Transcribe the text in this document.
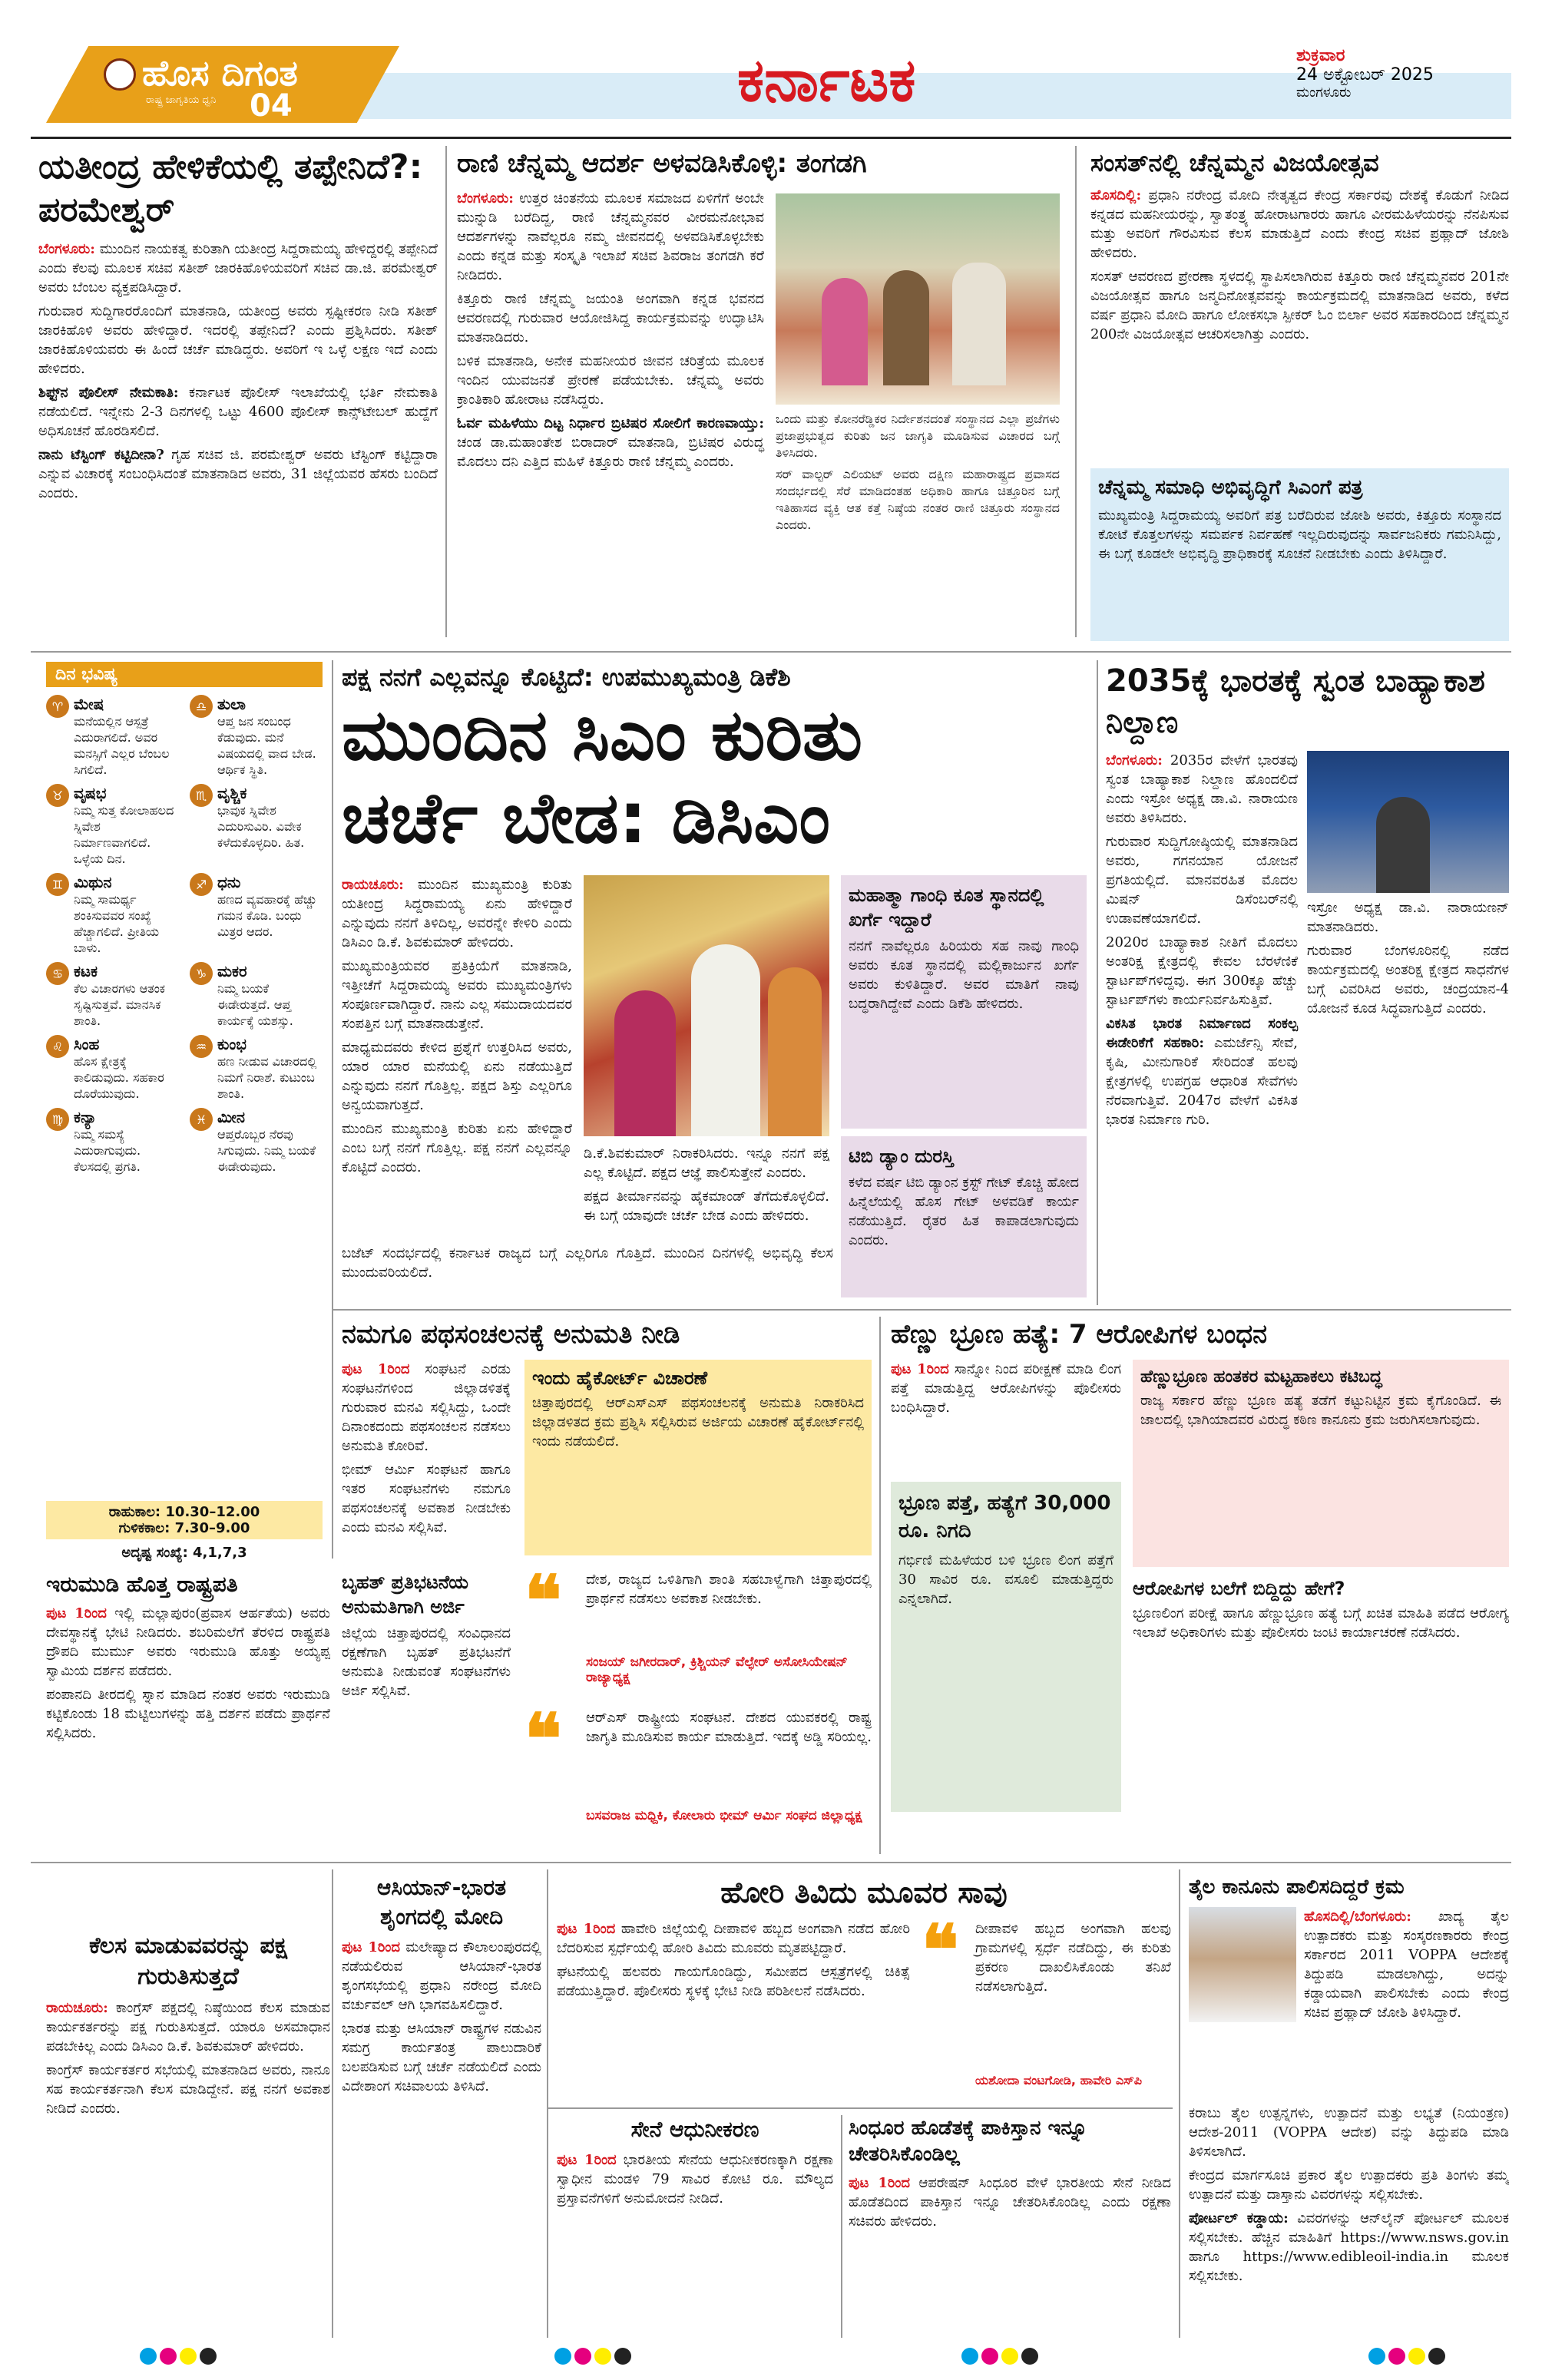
ಹೊಸ ದಿಗಂತ
ರಾಷ್ಟ್ರ ಜಾಗೃತಿಯ ಧ್ವನಿ 04	ಕರ್ನಾಟಕ	ಶುಕ್ರವಾರ
24 ಅಕ್ಟೋಬರ್ 2025
ಮಂಗಳೂರು
ಯತೀಂದ್ರ ಹೇಳಿಕೆಯಲ್ಲಿ ತಪ್ಪೇನಿದೆ?: ಪರಮೇಶ್ವರ್

ಬೆಂಗಳೂರು: ಮುಂದಿನ ನಾಯಕತ್ವ ಕುರಿತಾಗಿ ಯತೀಂದ್ರ ಸಿದ್ದರಾಮಯ್ಯ ಹೇಳಿದ್ದರಲ್ಲಿ ತಪ್ಪೇನಿದೆ ಎಂದು ಕೆಲವು ಮೂಲಕ ಸಚಿವ ಸತೀಶ್ ಜಾರಕಿಹೊಳಿಯವರಿಗೆ ಸಚಿವ ಡಾ.ಜಿ. ಪರಮೇಶ್ವರ್ ಅವರು ಬೆಂಬಲ ವ್ಯಕ್ತಪಡಿಸಿದ್ದಾರೆ.

ಗುರುವಾರ ಸುದ್ದಿಗಾರರೊಂದಿಗೆ ಮಾತನಾಡಿ, ಯತೀಂದ್ರ ಅವರು ಸ್ಪಷ್ಟೀಕರಣ ನೀಡಿ ಸತೀಶ್ ಜಾರಕಿಹೊಳಿ ಅವರು ಹೇಳಿದ್ದಾರೆ. ಇದರಲ್ಲಿ ತಪ್ಪೇನಿದೆ? ಎಂದು ಪ್ರಶ್ನಿಸಿದರು. ಸತೀಶ್ ಜಾರಕಿಹೊಳಿಯವರು ಈ ಹಿಂದೆ ಚರ್ಚೆ ಮಾಡಿದ್ದರು. ಅವರಿಗೆ ಇ ಒಳ್ಳೆ ಲಕ್ಷಣ ಇದೆ ಎಂದು ಹೇಳಿದರು.

ಶಿಫ್ಟ್‌ನ ಪೊಲೀಸ್ ನೇಮಕಾತಿ: ಕರ್ನಾಟಕ ಪೊಲೀಸ್ ಇಲಾಖೆಯಲ್ಲಿ ಭರ್ತಿ ನೇಮಕಾತಿ ನಡೆಯಲಿದೆ. ಇನ್ನೇನು 2-3 ದಿನಗಳಲ್ಲಿ ಒಟ್ಟು 4600 ಪೊಲೀಸ್ ಕಾನ್ಸ್‌ಟೇಬಲ್ ಹುದ್ದೆಗೆ ಅಧಿಸೂಚನೆ ಹೊರಡಿಸಲಿದೆ.

ನಾನು ಟೆಸ್ಟಿಂಗ್ ಕಟ್ಟಿದೀನಾ? ಗೃಹ ಸಚಿವ ಜಿ. ಪರಮೇಶ್ವರ್ ಅವರು ಟೆಸ್ಟಿಂಗ್ ಕಟ್ಟಿದ್ದಾರಾ ಎನ್ನುವ ವಿಚಾರಕ್ಕೆ ಸಂಬಂಧಿಸಿದಂತೆ ಮಾತನಾಡಿದ ಅವರು, 31 ಜಿಲ್ಲೆಯವರ ಹೆಸರು ಬಂದಿದೆ ಎಂದರು.

ರಾಣಿ ಚೆನ್ನಮ್ಮ ಆದರ್ಶ ಅಳವಡಿಸಿಕೊಳ್ಳಿ: ತಂಗಡಗಿ

ಬೆಂಗಳೂರು: ಉತ್ತರ ಚಿಂತನೆಯ ಮೂಲಕ ಸಮಾಜದ ಏಳಿಗೆಗೆ ಅಂಬೇ ಮುನ್ನುಡಿ ಬರೆದಿದ್ದ, ರಾಣಿ ಚೆನ್ನಮ್ಮನವರ ವೀರಮನೋಭಾವ ಆದರ್ಶಗಳನ್ನು ನಾವೆಲ್ಲರೂ ನಮ್ಮ ಜೀವನದಲ್ಲಿ ಅಳವಡಿಸಿಕೊಳ್ಳಬೇಕು ಎಂದು ಕನ್ನಡ ಮತ್ತು ಸಂಸ್ಕೃತಿ ಇಲಾಖೆ ಸಚಿವ ಶಿವರಾಜ ತಂಗಡಗಿ ಕರೆ ನೀಡಿದರು.

ಕಿತ್ತೂರು ರಾಣಿ ಚೆನ್ನಮ್ಮ ಜಯಂತಿ ಅಂಗವಾಗಿ ಕನ್ನಡ ಭವನದ ಆವರಣದಲ್ಲಿ ಗುರುವಾರ ಆಯೋಜಿಸಿದ್ದ ಕಾರ್ಯಕ್ರಮವನ್ನು ಉದ್ಘಾಟಿಸಿ ಮಾತನಾಡಿದರು.

ಬಳಿಕ ಮಾತನಾಡಿ, ಅನೇಕ ಮಹನೀಯರ ಜೀವನ ಚರಿತ್ರೆಯ ಮೂಲಕ ಇಂದಿನ ಯುವಜನತೆ ಪ್ರೇರಣೆ ಪಡೆಯಬೇಕು. ಚೆನ್ನಮ್ಮ ಅವರು ಕ್ರಾಂತಿಕಾರಿ ಹೋರಾಟ ನಡೆಸಿದ್ದರು.

ಓರ್ವ ಮಹಿಳೆಯು ದಿಟ್ಟ ನಿರ್ಧಾರ ಬ್ರಿಟಿಷರ ಸೋಲಿಗೆ ಕಾರಣವಾಯ್ತು: ಚಂಡ ಡಾ.ಮಹಾಂತೇಶ ಬಿರಾದಾರ್ ಮಾತನಾಡಿ, ಬ್ರಿಟಿಷರ ವಿರುದ್ಧ ಮೊದಲು ದನಿ ಎತ್ತಿದ ಮಹಿಳೆ ಕಿತ್ತೂರು ರಾಣಿ ಚೆನ್ನಮ್ಮ ಎಂದರು.

ಒಂದು ಮತ್ತು ಕೋನರೆಡ್ಡಿಕರ ನಿರ್ದೇಶನದಂತೆ ಸಂಸ್ಥಾನದ ಎಲ್ಲಾ ಪ್ರಜೆಗಳು ಪ್ರಜಾಪ್ರಭುತ್ವದ ಕುರಿತು ಜನ ಜಾಗೃತಿ ಮೂಡಿಸುವ ವಿಚಾರದ ಬಗ್ಗೆ ತಿಳಿಸಿದರು.

ಸರ್ ವಾಲ್ಟರ್ ಎಲಿಯಟ್ ಅವರು ದಕ್ಷಿಣ ಮಹಾರಾಷ್ಟ್ರದ ಪ್ರವಾಸದ ಸಂದರ್ಭದಲ್ಲಿ ಸೆರೆ ಮಾಡಿದಂತಹ ಅಧಿಕಾರಿ ಹಾಗೂ ಚಿತ್ತೂರಿನ ಬಗ್ಗೆ ಇತಿಹಾಸದ ವ್ಯಕ್ತಿ ಆತ ಕತ್ತೆ ನಿಷ್ಠೆಯ ನಂತರ ರಾಣಿ ಚಿತ್ತೂರು ಸಂಸ್ಥಾನದ ಎಂದರು.

ಸಂಸತ್‌ನಲ್ಲಿ ಚೆನ್ನಮ್ಮನ ವಿಜಯೋತ್ಸವ

ಹೊಸದಿಲ್ಲಿ: ಪ್ರಧಾನಿ ನರೇಂದ್ರ ಮೋದಿ ನೇತೃತ್ವದ ಕೇಂದ್ರ ಸರ್ಕಾರವು ದೇಶಕ್ಕೆ ಕೊಡುಗೆ ನೀಡಿದ ಕನ್ನಡದ ಮಹನೀಯರನ್ನು, ಸ್ವಾತಂತ್ರ್ಯ ಹೋರಾಟಗಾರರು ಹಾಗೂ ವೀರಮಹಿಳೆಯರನ್ನು ನೆನಪಿಸುವ ಮತ್ತು ಅವರಿಗೆ ಗೌರವಿಸುವ ಕೆಲಸ ಮಾಡುತ್ತಿದೆ ಎಂದು ಕೇಂದ್ರ ಸಚಿವ ಪ್ರಹ್ಲಾದ್ ಜೋಶಿ ಹೇಳಿದರು.

ಸಂಸತ್ ಆವರಣದ ಪ್ರೇರಣಾ ಸ್ಥಳದಲ್ಲಿ ಸ್ಥಾಪಿಸಲಾಗಿರುವ ಕಿತ್ತೂರು ರಾಣಿ ಚೆನ್ನಮ್ಮನವರ 201ನೇ ವಿಜಯೋತ್ಸವ ಹಾಗೂ ಜನ್ಮದಿನೋತ್ಸವವನ್ನು ಕಾರ್ಯಕ್ರಮದಲ್ಲಿ ಮಾತನಾಡಿದ ಅವರು, ಕಳೆದ ವರ್ಷ ಪ್ರಧಾನಿ ಮೋದಿ ಹಾಗೂ ಲೋಕಸಭಾ ಸ್ಪೀಕರ್ ಓಂ ಬಿರ್ಲಾ ಅವರ ಸಹಕಾರದಿಂದ ಚೆನ್ನಮ್ಮನ 200ನೇ ವಿಜಯೋತ್ಸವ ಆಚರಿಸಲಾಗಿತ್ತು ಎಂದರು.

ಚೆನ್ನಮ್ಮ ಸಮಾಧಿ ಅಭಿವೃದ್ಧಿಗೆ ಸಿಎಂಗೆ ಪತ್ರ
ಮುಖ್ಯಮಂತ್ರಿ ಸಿದ್ದರಾಮಯ್ಯ ಅವರಿಗೆ ಪತ್ರ ಬರೆದಿರುವ ಜೋಶಿ ಅವರು, ಕಿತ್ತೂರು ಸಂಸ್ಥಾನದ ಕೋಟೆ ಕೊತ್ತಲಗಳನ್ನು ಸಮರ್ಪಕ ನಿರ್ವಹಣೆ ಇಲ್ಲದಿರುವುದನ್ನು ಸಾರ್ವಜನಿಕರು ಗಮನಿಸಿದ್ದು, ಈ ಬಗ್ಗೆ ಕೂಡಲೇ ಅಭಿವೃದ್ಧಿ ಪ್ರಾಧಿಕಾರಕ್ಕೆ ಸೂಚನೆ ನೀಡಬೇಕು ಎಂದು ತಿಳಿಸಿದ್ದಾರೆ.
ದಿನ ಭವಿಷ್ಯ
♈ ಮೇಷ
ಮನೆಯಲ್ಲಿನ ಆಸ್ಪತ್ರೆ ಎದುರಾಗಲಿದೆ. ಅವರ ಮನಸ್ಸಿಗೆ ಎಲ್ಲರ ಬೆಂಬಲ ಸಿಗಲಿದೆ.
♎ ತುಲಾ
ಆಪ್ತ ಜನ ಸಂಬಂಧ ಕೆಡುವುದು. ಮನೆ ವಿಷಯದಲ್ಲಿ ವಾದ ಬೇಡ. ಆರ್ಥಿಕ ಸ್ಥಿತಿ.
♉ ವೃಷಭ
ನಿಮ್ಮ ಸುತ್ತ ಕೋಲಾಹಲದ ಸ್ನಿವೇಶ ನಿರ್ಮಾಣವಾಗಲಿದೆ. ಒಳ್ಳೆಯ ದಿನ.
♏ ವೃಶ್ಚಿಕ
ಭಾವುಕ ಸ್ನಿವೇಶ ಎದುರಿಸುವಿರಿ. ವಿವೇಕ ಕಳೆದುಕೊಳ್ಳದಿರಿ. ಹಿತ.
♊ ಮಿಥುನ
ನಿಮ್ಮ ಸಾಮರ್ಥ್ಯ ಶಂಕಿಸುವವರ ಸಂಖ್ಯೆ ಹೆಚ್ಚಾಗಲಿದೆ. ಪ್ರೀತಿಯ ಬಾಳು.
♐ ಧನು
ಹಣದ ವ್ಯವಹಾರಕ್ಕೆ ಹೆಚ್ಚು ಗಮನ ಕೊಡಿ. ಬಂಧು ಮಿತ್ರರ ಆದರ.
♋ ಕಟಕ
ಕೆಲ ವಿಚಾರಗಳು ಆತಂಕ ಸೃಷ್ಟಿಸುತ್ತವೆ. ಮಾನಸಿಕ ಶಾಂತಿ.
♑ ಮಕರ
ನಿಮ್ಮ ಬಯಕೆ ಈಡೇರುತ್ತದೆ. ಆಪ್ತ ಕಾರ್ಯಕ್ಕೆ ಯಶಸ್ಸು.
♌ ಸಿಂಹ
ಹೊಸ ಕ್ಷೇತ್ರಕ್ಕೆ ಕಾಲಿಡುವುದು. ಸಹಕಾರ ದೊರೆಯುವುದು.
♒ ಕುಂಭ
ಹಣ ನೀಡುವ ವಿಚಾರದಲ್ಲಿ ನಿಮಗೆ ನಿರಾಶೆ. ಕುಟುಂಬ ಶಾಂತಿ.
♍ ಕನ್ಯಾ
ನಿಮ್ಮ ಸಮಸ್ಯೆ ಎದುರಾಗುವುದು. ಕೆಲಸದಲ್ಲಿ ಪ್ರಗತಿ.
♓ ಮೀನ
ಆಪ್ತರೊಬ್ಬರ ನೆರವು ಸಿಗುವುದು. ನಿಮ್ಮ ಬಯಕೆ ಈಡೇರುವುದು.
ರಾಹುಕಾಲ: 10.30–12.00
ಗುಳಿಕಕಾಲ: 7.30–9.00
ಅದೃಷ್ಟ ಸಂಖ್ಯೆ: 4,1,7,3
ಪಕ್ಷ ನನಗೆ ಎಲ್ಲವನ್ನೂ ಕೊಟ್ಟಿದೆ: ಉಪಮುಖ್ಯಮಂತ್ರಿ ಡಿಕೆಶಿ
ಮುಂದಿನ ಸಿಎಂ ಕುರಿತು
ಚರ್ಚೆ ಬೇಡ: ಡಿಸಿಎಂ

ರಾಯಚೂರು: ಮುಂದಿನ ಮುಖ್ಯಮಂತ್ರಿ ಕುರಿತು ಯತೀಂದ್ರ ಸಿದ್ದರಾಮಯ್ಯ ಏನು ಹೇಳಿದ್ದಾರೆ ಎನ್ನುವುದು ನನಗೆ ತಿಳಿದಿಲ್ಲ, ಅವರನ್ನೇ ಕೇಳಿರಿ ಎಂದು ಡಿಸಿಎಂ ಡಿ.ಕೆ. ಶಿವಕುಮಾರ್ ಹೇಳಿದರು.

ಮುಖ್ಯಮಂತ್ರಿಯವರ ಪ್ರತಿಕ್ರಿಯೆಗೆ ಮಾತನಾಡಿ, ಇತ್ತೀಚೆಗೆ ಸಿದ್ದರಾಮಯ್ಯ ಅವರು ಮುಖ್ಯಮಂತ್ರಿಗಳು ಸಂಪೂರ್ಣವಾಗಿದ್ದಾರೆ. ನಾನು ಎಲ್ಲ ಸಮುದಾಯದವರ ಸಂಪತ್ತಿನ ಬಗ್ಗೆ ಮಾತನಾಡುತ್ತೇನೆ.

ಮಾಧ್ಯಮದವರು ಕೇಳಿದ ಪ್ರಶ್ನೆಗೆ ಉತ್ತರಿಸಿದ ಅವರು, ಯಾರ ಯಾರ ಮನೆಯಲ್ಲಿ ಏನು ನಡೆಯುತ್ತಿದೆ ಎನ್ನುವುದು ನನಗೆ ಗೊತ್ತಿಲ್ಲ. ಪಕ್ಷದ ಶಿಸ್ತು ಎಲ್ಲರಿಗೂ ಅನ್ವಯವಾಗುತ್ತದೆ.

ಮುಂದಿನ ಮುಖ್ಯಮಂತ್ರಿ ಕುರಿತು ಏನು ಹೇಳಿದ್ದಾರೆ ಎಂಬ ಬಗ್ಗೆ ನನಗೆ ಗೊತ್ತಿಲ್ಲ. ಪಕ್ಷ ನನಗೆ ಎಲ್ಲವನ್ನೂ ಕೊಟ್ಟಿದೆ ಎಂದರು.

ಡಿ.ಕೆ.ಶಿವಕುಮಾರ್ ನಿರಾಕರಿಸಿದರು. ಇನ್ನೂ ನನಗೆ ಪಕ್ಷ ಎಲ್ಲ ಕೊಟ್ಟಿದೆ. ಪಕ್ಷದ ಆಜ್ಞೆ ಪಾಲಿಸುತ್ತೇನೆ ಎಂದರು.

ಪಕ್ಷದ ತೀರ್ಮಾನವನ್ನು ಹೈಕಮಾಂಡ್ ತೆಗೆದುಕೊಳ್ಳಲಿದೆ. ಈ ಬಗ್ಗೆ ಯಾವುದೇ ಚರ್ಚೆ ಬೇಡ ಎಂದು ಹೇಳಿದರು.

ಮಹಾತ್ಮಾ ಗಾಂಧಿ ಕೂತ ಸ್ಥಾನದಲ್ಲಿ ಖರ್ಗೆ ಇದ್ದಾರೆ
ನನಗೆ ನಾವೆಲ್ಲರೂ ಹಿರಿಯರು ಸಹ ನಾವು ಗಾಂಧಿ ಅವರು ಕೂತ ಸ್ಥಾನದಲ್ಲಿ ಮಲ್ಲಿಕಾರ್ಜುನ ಖರ್ಗೆ ಅವರು ಕುಳಿತಿದ್ದಾರೆ. ಅವರ ಮಾತಿಗೆ ನಾವು ಬದ್ಧರಾಗಿದ್ದೇವೆ ಎಂದು ಡಿಕೆಶಿ ಹೇಳಿದರು.
ಟಿಬಿ ಡ್ಯಾಂ ದುರಸ್ತಿ
ಕಳೆದ ವರ್ಷ ಟಿಬಿ ಡ್ಯಾಂನ ಕ್ರಸ್ಟ್ ಗೇಟ್ ಕೊಚ್ಚಿ ಹೋದ ಹಿನ್ನೆಲೆಯಲ್ಲಿ ಹೊಸ ಗೇಟ್ ಅಳವಡಿಕೆ ಕಾರ್ಯ ನಡೆಯುತ್ತಿದೆ. ರೈತರ ಹಿತ ಕಾಪಾಡಲಾಗುವುದು ಎಂದರು.

ಬಜೆಟ್ ಸಂದರ್ಭದಲ್ಲಿ ಕರ್ನಾಟಕ ರಾಜ್ಯದ ಬಗ್ಗೆ ಎಲ್ಲರಿಗೂ ಗೊತ್ತಿದೆ. ಮುಂದಿನ ದಿನಗಳಲ್ಲಿ ಅಭಿವೃದ್ಧಿ ಕೆಲಸ ಮುಂದುವರಿಯಲಿದೆ.

2035ಕ್ಕೆ ಭಾರತಕ್ಕೆ ಸ್ವಂತ ಬಾಹ್ಯಾಕಾಶ ನಿಲ್ದಾಣ

ಬೆಂಗಳೂರು: 2035ರ ವೇಳೆಗೆ ಭಾರತವು ಸ್ವಂತ ಬಾಹ್ಯಾಕಾಶ ನಿಲ್ದಾಣ ಹೊಂದಲಿದೆ ಎಂದು ಇಸ್ರೋ ಅಧ್ಯಕ್ಷ ಡಾ.ವಿ. ನಾರಾಯಣ ಅವರು ತಿಳಿಸಿದರು.

ಗುರುವಾರ ಸುದ್ದಿಗೋಷ್ಠಿಯಲ್ಲಿ ಮಾತನಾಡಿದ ಅವರು, ಗಗನಯಾನ ಯೋಜನೆ ಪ್ರಗತಿಯಲ್ಲಿದೆ. ಮಾನವರಹಿತ ಮೊದಲ ಮಿಷನ್ ಡಿಸೆಂಬರ್‌ನಲ್ಲಿ ಉಡಾವಣೆಯಾಗಲಿದೆ.

2020ರ ಬಾಹ್ಯಾಕಾಶ ನೀತಿಗೆ ಮೊದಲು ಅಂತರಿಕ್ಷ ಕ್ಷೇತ್ರದಲ್ಲಿ ಕೇವಲ ಬೆರಳೆಣಿಕೆ ಸ್ಟಾರ್ಟಪ್‌ಗಳಿದ್ದವು. ಈಗ 300ಕ್ಕೂ ಹೆಚ್ಚು ಸ್ಟಾರ್ಟಪ್‌ಗಳು ಕಾರ್ಯನಿರ್ವಹಿಸುತ್ತಿವೆ.

ವಿಕಸಿತ ಭಾರತ ನಿರ್ಮಾಣದ ಸಂಕಲ್ಪ ಈಡೇರಿಕೆಗೆ ಸಹಕಾರಿ: ಎಮರ್ಜೆನ್ಸಿ ಸೇವೆ, ಕೃಷಿ, ಮೀನುಗಾರಿಕೆ ಸೇರಿದಂತೆ ಹಲವು ಕ್ಷೇತ್ರಗಳಲ್ಲಿ ಉಪಗ್ರಹ ಆಧಾರಿತ ಸೇವೆಗಳು ನೆರವಾಗುತ್ತಿವೆ. 2047ರ ವೇಳೆಗೆ ವಿಕಸಿತ ಭಾರತ ನಿರ್ಮಾಣ ಗುರಿ.

ಇಸ್ರೋ ಅಧ್ಯಕ್ಷ ಡಾ.ವಿ. ನಾರಾಯಣನ್ ಮಾತನಾಡಿದರು.

ಗುರುವಾರ ಬೆಂಗಳೂರಿನಲ್ಲಿ ನಡೆದ ಕಾರ್ಯಕ್ರಮದಲ್ಲಿ ಅಂತರಿಕ್ಷ ಕ್ಷೇತ್ರದ ಸಾಧನೆಗಳ ಬಗ್ಗೆ ವಿವರಿಸಿದ ಅವರು, ಚಂದ್ರಯಾನ-4 ಯೋಜನೆ ಕೂಡ ಸಿದ್ಧವಾಗುತ್ತಿದೆ ಎಂದರು.

ನಮಗೂ ಪಥಸಂಚಲನಕ್ಕೆ ಅನುಮತಿ ನೀಡಿ

ಪುಟ 1ರಿಂದ ಸಂಘಟನೆ ಎರಡು ಸಂಘಟನೆಗಳಿಂದ ಜಿಲ್ಲಾಡಳಿತಕ್ಕೆ ಗುರುವಾರ ಮನವಿ ಸಲ್ಲಿಸಿದ್ದು, ಒಂದೇ ದಿನಾಂಕದಂದು ಪಥಸಂಚಲನ ನಡೆಸಲು ಅನುಮತಿ ಕೋರಿವೆ.

ಭೀಮ್ ಆರ್ಮಿ ಸಂಘಟನೆ ಹಾಗೂ ಇತರ ಸಂಘಟನೆಗಳು ನಮಗೂ ಪಥಸಂಚಲನಕ್ಕೆ ಅವಕಾಶ ನೀಡಬೇಕು ಎಂದು ಮನವಿ ಸಲ್ಲಿಸಿವೆ.

ಇಂದು ಹೈಕೋರ್ಟ್ ವಿಚಾರಣೆ
ಚಿತ್ತಾಪುರದಲ್ಲಿ ಆರ್‌ಎಸ್‌ಎಸ್ ಪಥಸಂಚಲನಕ್ಕೆ ಅನುಮತಿ ನಿರಾಕರಿಸಿದ ಜಿಲ್ಲಾಡಳಿತದ ಕ್ರಮ ಪ್ರಶ್ನಿಸಿ ಸಲ್ಲಿಸಿರುವ ಅರ್ಜಿಯ ವಿಚಾರಣೆ ಹೈಕೋರ್ಟ್‌ನಲ್ಲಿ ಇಂದು ನಡೆಯಲಿದೆ.
ಬೃಹತ್ ಪ್ರತಿಭಟನೆಯ ಅನುಮತಿಗಾಗಿ ಅರ್ಜಿ
ಜಿಲ್ಲೆಯ ಚಿತ್ತಾಪುರದಲ್ಲಿ ಸಂವಿಧಾನದ ರಕ್ಷಣೆಗಾಗಿ ಬೃಹತ್ ಪ್ರತಿಭಟನೆಗೆ ಅನುಮತಿ ನೀಡುವಂತೆ ಸಂಘಟನೆಗಳು ಅರ್ಜಿ ಸಲ್ಲಿಸಿವೆ.
❝ ದೇಶ, ರಾಜ್ಯದ ಒಳಿತಿಗಾಗಿ ಶಾಂತಿ ಸಹಬಾಳ್ವೆಗಾಗಿ ಚಿತ್ತಾಪುರದಲ್ಲಿ ಪ್ರಾರ್ಥನೆ ನಡೆಸಲು ಅವಕಾಶ ನೀಡಬೇಕು.
ಸಂಜಯ್ ಜಗೀರದಾರ್, ಕ್ರಿಶ್ಚಿಯನ್ ವೆಲ್ಫೇರ್ ಅಸೋಸಿಯೇಷನ್ ರಾಜ್ಯಾಧ್ಯಕ್ಷ
❝ ಆರ್‌ಎಸ್ ರಾಷ್ಟ್ರೀಯ ಸಂಘಟನೆ. ದೇಶದ ಯುವಕರಲ್ಲಿ ರಾಷ್ಟ್ರ ಜಾಗೃತಿ ಮೂಡಿಸುವ ಕಾರ್ಯ ಮಾಡುತ್ತಿದೆ. ಇದಕ್ಕೆ ಅಡ್ಡಿ ಸರಿಯಲ್ಲ.
ಬಸವರಾಜ ಮಧ್ದಿಕಿ, ಕೋಲಾರು ಭೀಮ್ ಆರ್ಮಿ ಸಂಘದ ಜಿಲ್ಲಾಧ್ಯಕ್ಷ
ಹೆಣ್ಣು ಭ್ರೂಣ ಹತ್ಯೆ: 7 ಆರೋಪಿಗಳ ಬಂಧನ

ಪುಟ 1ರಿಂದ ಸಾನ್ನೋ ನಿಂದ ಪರೀಕ್ಷಣೆ ಮಾಡಿ ಲಿಂಗ ಪತ್ತೆ ಮಾಡುತ್ತಿದ್ದ ಆರೋಪಿಗಳನ್ನು ಪೊಲೀಸರು ಬಂಧಿಸಿದ್ದಾರೆ.

ಭ್ರೂಣ ಪತ್ತೆ, ಹತ್ಯೆಗೆ 30,000 ರೂ. ನಿಗದಿ
ಗರ್ಭಿಣಿ ಮಹಿಳೆಯರ ಬಳಿ ಭ್ರೂಣ ಲಿಂಗ ಪತ್ತೆಗೆ 30 ಸಾವಿರ ರೂ. ವಸೂಲಿ ಮಾಡುತ್ತಿದ್ದರು ಎನ್ನಲಾಗಿದೆ.
ಹೆಣ್ಣುಭ್ರೂಣ ಹಂತಕರ ಮಟ್ಟಹಾಕಲು ಕಟಿಬದ್ಧ
ರಾಜ್ಯ ಸರ್ಕಾರ ಹೆಣ್ಣು ಭ್ರೂಣ ಹತ್ಯೆ ತಡೆಗೆ ಕಟ್ಟುನಿಟ್ಟಿನ ಕ್ರಮ ಕೈಗೊಂಡಿದೆ. ಈ ಜಾಲದಲ್ಲಿ ಭಾಗಿಯಾದವರ ವಿರುದ್ಧ ಕಠಿಣ ಕಾನೂನು ಕ್ರಮ ಜರುಗಿಸಲಾಗುವುದು.
ಆರೋಪಿಗಳ ಬಲೆಗೆ ಬಿದ್ದಿದ್ದು ಹೇಗೆ?
ಭ್ರೂಣಲಿಂಗ ಪರೀಕ್ಷೆ ಹಾಗೂ ಹೆಣ್ಣುಭ್ರೂಣ ಹತ್ಯೆ ಬಗ್ಗೆ ಖಚಿತ ಮಾಹಿತಿ ಪಡೆದ ಆರೋಗ್ಯ ಇಲಾಖೆ ಅಧಿಕಾರಿಗಳು ಮತ್ತು ಪೊಲೀಸರು ಜಂಟಿ ಕಾರ್ಯಾಚರಣೆ ನಡೆಸಿದರು.
ಇರುಮುಡಿ ಹೊತ್ತ ರಾಷ್ಟ್ರಪತಿ

ಪುಟ 1ರಿಂದ ಇಲ್ಲಿ ಮಲ್ಲಾಪುರಂ(ಪ್ರವಾಸ ಆರ್ಹತೆಯ) ಅವರು ದೇವಸ್ಥಾನಕ್ಕೆ ಭೇಟಿ ನೀಡಿದರು. ಶಬರಿಮಲೆಗೆ ತೆರಳಿದ ರಾಷ್ಟ್ರಪತಿ ದ್ರೌಪದಿ ಮುರ್ಮು ಅವರು ಇರುಮುಡಿ ಹೊತ್ತು ಅಯ್ಯಪ್ಪ ಸ್ವಾಮಿಯ ದರ್ಶನ ಪಡೆದರು.

ಪಂಪಾನದಿ ತೀರದಲ್ಲಿ ಸ್ನಾನ ಮಾಡಿದ ನಂತರ ಅವರು ಇರುಮುಡಿ ಕಟ್ಟಿಕೊಂಡು 18 ಮೆಟ್ಟಿಲುಗಳನ್ನು ಹತ್ತಿ ದರ್ಶನ ಪಡೆದು ಪ್ರಾರ್ಥನೆ ಸಲ್ಲಿಸಿದರು.

ಕೆಲಸ ಮಾಡುವವರನ್ನು ಪಕ್ಷ ಗುರುತಿಸುತ್ತದೆ

ರಾಯಚೂರು: ಕಾಂಗ್ರೆಸ್ ಪಕ್ಷದಲ್ಲಿ ನಿಷ್ಠೆಯಿಂದ ಕೆಲಸ ಮಾಡುವ ಕಾರ್ಯಕರ್ತರನ್ನು ಪಕ್ಷ ಗುರುತಿಸುತ್ತದೆ. ಯಾರೂ ಅಸಮಾಧಾನ ಪಡಬೇಕಿಲ್ಲ ಎಂದು ಡಿಸಿಎಂ ಡಿ.ಕೆ. ಶಿವಕುಮಾರ್ ಹೇಳಿದರು.

ಕಾಂಗ್ರೆಸ್ ಕಾರ್ಯಕರ್ತರ ಸಭೆಯಲ್ಲಿ ಮಾತನಾಡಿದ ಅವರು, ನಾನೂ ಸಹ ಕಾರ್ಯಕರ್ತನಾಗಿ ಕೆಲಸ ಮಾಡಿದ್ದೇನೆ. ಪಕ್ಷ ನನಗೆ ಅವಕಾಶ ನೀಡಿದೆ ಎಂದರು.

ಆಸಿಯಾನ್-ಭಾರತ ಶೃಂಗದಲ್ಲಿ ಮೋದಿ

ಪುಟ 1ರಿಂದ ಮಲೇಷ್ಯಾದ ಕೌಲಾಲಂಪುರದಲ್ಲಿ ನಡೆಯಲಿರುವ ಆಸಿಯಾನ್-ಭಾರತ ಶೃಂಗಸಭೆಯಲ್ಲಿ ಪ್ರಧಾನಿ ನರೇಂದ್ರ ಮೋದಿ ವರ್ಚುವಲ್ ಆಗಿ ಭಾಗವಹಿಸಲಿದ್ದಾರೆ.

ಭಾರತ ಮತ್ತು ಆಸಿಯಾನ್ ರಾಷ್ಟ್ರಗಳ ನಡುವಿನ ಸಮಗ್ರ ಕಾರ್ಯತಂತ್ರ ಪಾಲುದಾರಿಕೆ ಬಲಪಡಿಸುವ ಬಗ್ಗೆ ಚರ್ಚೆ ನಡೆಯಲಿದೆ ಎಂದು ವಿದೇಶಾಂಗ ಸಚಿವಾಲಯ ತಿಳಿಸಿದೆ.

ಹೋರಿ ತಿವಿದು ಮೂವರ ಸಾವು

ಪುಟ 1ರಿಂದ ಹಾವೇರಿ ಜಿಲ್ಲೆಯಲ್ಲಿ ದೀಪಾವಳಿ ಹಬ್ಬದ ಅಂಗವಾಗಿ ನಡೆದ ಹೋರಿ ಬೆದರಿಸುವ ಸ್ಪರ್ಧೆಯಲ್ಲಿ ಹೋರಿ ತಿವಿದು ಮೂವರು ಮೃತಪಟ್ಟಿದ್ದಾರೆ.

ಘಟನೆಯಲ್ಲಿ ಹಲವರು ಗಾಯಗೊಂಡಿದ್ದು, ಸಮೀಪದ ಆಸ್ಪತ್ರೆಗಳಲ್ಲಿ ಚಿಕಿತ್ಸೆ ಪಡೆಯುತ್ತಿದ್ದಾರೆ. ಪೊಲೀಸರು ಸ್ಥಳಕ್ಕೆ ಭೇಟಿ ನೀಡಿ ಪರಿಶೀಲನೆ ನಡೆಸಿದರು.

❝ ದೀಪಾವಳಿ ಹಬ್ಬದ ಅಂಗವಾಗಿ ಹಲವು ಗ್ರಾಮಗಳಲ್ಲಿ ಸ್ಪರ್ಧೆ ನಡೆದಿದ್ದು, ಈ ಕುರಿತು ಪ್ರಕರಣ ದಾಖಲಿಸಿಕೊಂಡು ತನಿಖೆ ನಡೆಸಲಾಗುತ್ತಿದೆ.
ಯಶೋದಾ ವಂಟಗೋಡಿ, ಹಾವೇರಿ ಎಸ್‌ಪಿ
ಸೇನೆ ಆಧುನೀಕರಣ
ಪುಟ 1ರಿಂದ ಭಾರತೀಯ ಸೇನೆಯ ಆಧುನೀಕರಣಕ್ಕಾಗಿ ರಕ್ಷಣಾ ಸ್ವಾಧೀನ ಮಂಡಳಿ 79 ಸಾವಿರ ಕೋಟಿ ರೂ. ಮೌಲ್ಯದ ಪ್ರಸ್ತಾವನೆಗಳಿಗೆ ಅನುಮೋದನೆ ನೀಡಿದೆ.
ಸಿಂಧೂರ ಹೊಡೆತಕ್ಕೆ ಪಾಕಿಸ್ತಾನ ಇನ್ನೂ ಚೇತರಿಸಿಕೊಂಡಿಲ್ಲ
ಪುಟ 1ರಿಂದ ಆಪರೇಷನ್ ಸಿಂಧೂರ ವೇಳೆ ಭಾರತೀಯ ಸೇನೆ ನೀಡಿದ ಹೊಡೆತದಿಂದ ಪಾಕಿಸ್ತಾನ ಇನ್ನೂ ಚೇತರಿಸಿಕೊಂಡಿಲ್ಲ ಎಂದು ರಕ್ಷಣಾ ಸಚಿವರು ಹೇಳಿದರು.
ತೈಲ ಕಾನೂನು ಪಾಲಿಸದಿದ್ದರೆ ಕ್ರಮ
ಹೊಸದಿಲ್ಲಿ/ಬೆಂಗಳೂರು: ಖಾದ್ಯ ತೈಲ ಉತ್ಪಾದಕರು ಮತ್ತು ಸಂಸ್ಕರಣಕಾರರು ಕೇಂದ್ರ ಸರ್ಕಾರದ 2011 VOPPA ಆದೇಶಕ್ಕೆ ತಿದ್ದುಪಡಿ ಮಾಡಲಾಗಿದ್ದು, ಅದನ್ನು ಕಡ್ಡಾಯವಾಗಿ ಪಾಲಿಸಬೇಕು ಎಂದು ಕೇಂದ್ರ ಸಚಿವ ಪ್ರಹ್ಲಾದ್ ಜೋಶಿ ತಿಳಿಸಿದ್ದಾರೆ.

ಕರಾಬು ತೈಲ ಉತ್ಪನ್ನಗಳು, ಉತ್ಪಾದನೆ ಮತ್ತು ಲಭ್ಯತೆ (ನಿಯಂತ್ರಣ) ಆದೇಶ-2011 (VOPPA ಆದೇಶ) ವನ್ನು ತಿದ್ದುಪಡಿ ಮಾಡಿ ತಿಳಿಸಲಾಗಿದೆ.

ಕೇಂದ್ರದ ಮಾರ್ಗಸೂಚಿ ಪ್ರಕಾರ ತೈಲ ಉತ್ಪಾದಕರು ಪ್ರತಿ ತಿಂಗಳು ತಮ್ಮ ಉತ್ಪಾದನೆ ಮತ್ತು ದಾಸ್ತಾನು ವಿವರಗಳನ್ನು ಸಲ್ಲಿಸಬೇಕು.

ಪೋರ್ಟಲ್ ಕಡ್ಡಾಯ: ವಿವರಗಳನ್ನು ಆನ್‌ಲೈನ್ ಪೋರ್ಟಲ್ ಮೂಲಕ ಸಲ್ಲಿಸಬೇಕು. ಹೆಚ್ಚಿನ ಮಾಹಿತಿಗೆ https://www.nsws.gov.in ಹಾಗೂ https://www.edibleoil-india.in ಮೂಲಕ ಸಲ್ಲಿಸಬೇಕು.
